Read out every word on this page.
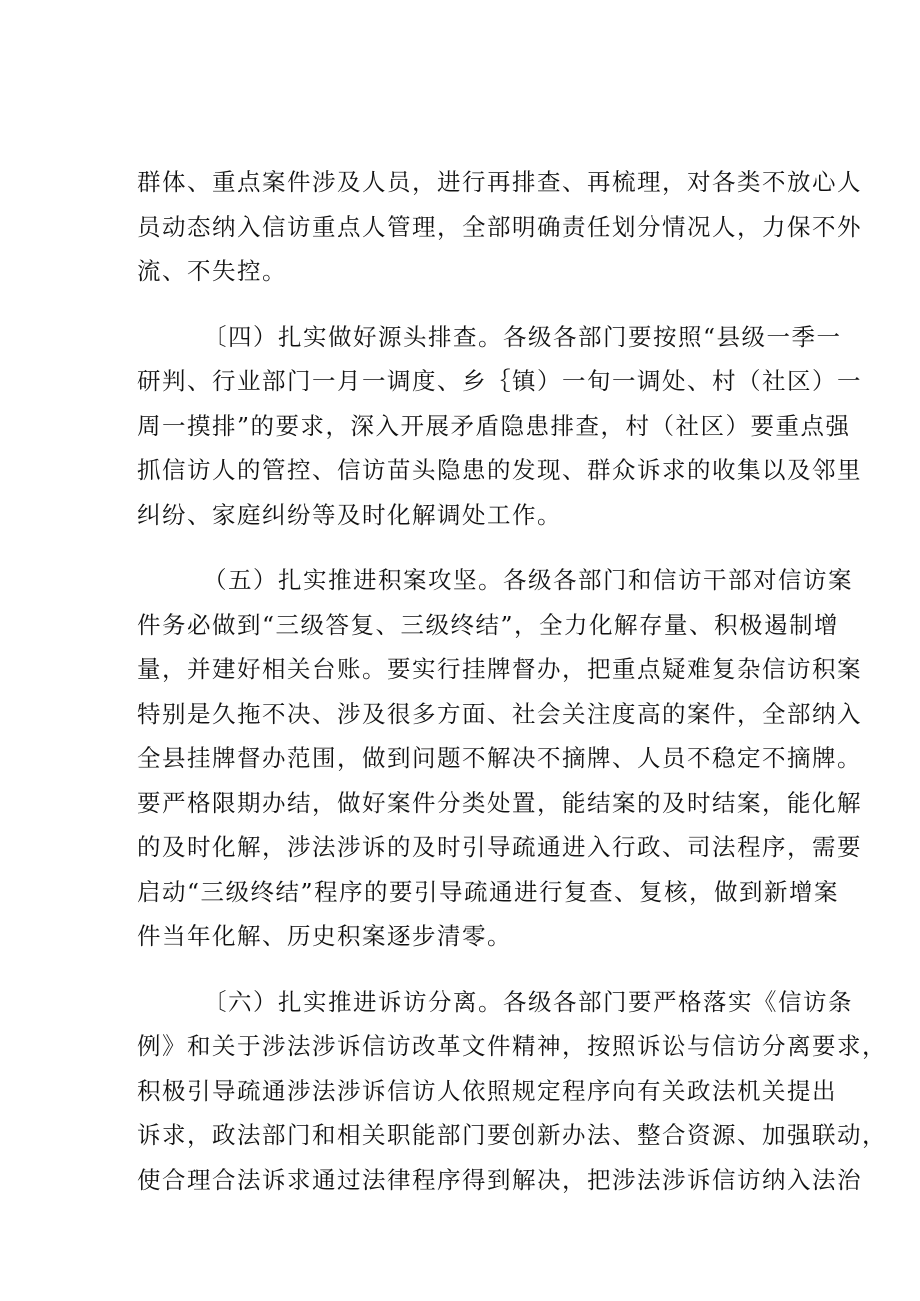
群体、重点案件涉及人员，进行再排查、再梳理，对各类不放心人
员动态纳入信访重点人管理，全部明确责任划分情况人，力保不外
流、不失控。
〔四）扎实做好源头排查。各级各部门要按照“县级一季一
研判、行业部门一月一调度、乡｛镇）一旬一调处、村（社区）一
周一摸排”的要求，深入开展矛盾隐患排查，村（社区）要重点强
抓信访人的管控、信访苗头隐患的发现、群众诉求的收集以及邻里
纠纷、家庭纠纷等及时化解调处工作。
（五）扎实推进积案攻坚。各级各部门和信访干部对信访案
件务必做到“三级答复、三级终结”，全力化解存量、积极遏制增
量，并建好相关台账。要实行挂牌督办，把重点疑难复杂信访积案
特别是久拖不决、涉及很多方面、社会关注度高的案件，全部纳入
全县挂牌督办范围，做到问题不解决不摘牌、人员不稳定不摘牌。
要严格限期办结，做好案件分类处置，能结案的及时结案，能化解
的及时化解，涉法涉诉的及时引导疏通进入行政、司法程序，需要
启动“三级终结”程序的要引导疏通进行复查、复核，做到新增案
件当年化解、历史积案逐步清零。
〔六）扎实推进诉访分离。各级各部门要严格落实《信访条
例》和关于涉法涉诉信访改革文件精神，按照诉讼与信访分离要求，
积极引导疏通涉法涉诉信访人依照规定程序向有关政法机关提出
诉求，政法部门和相关职能部门要创新办法、整合资源、加强联动，
使合理合法诉求通过法律程序得到解决，把涉法涉诉信访纳入法治
